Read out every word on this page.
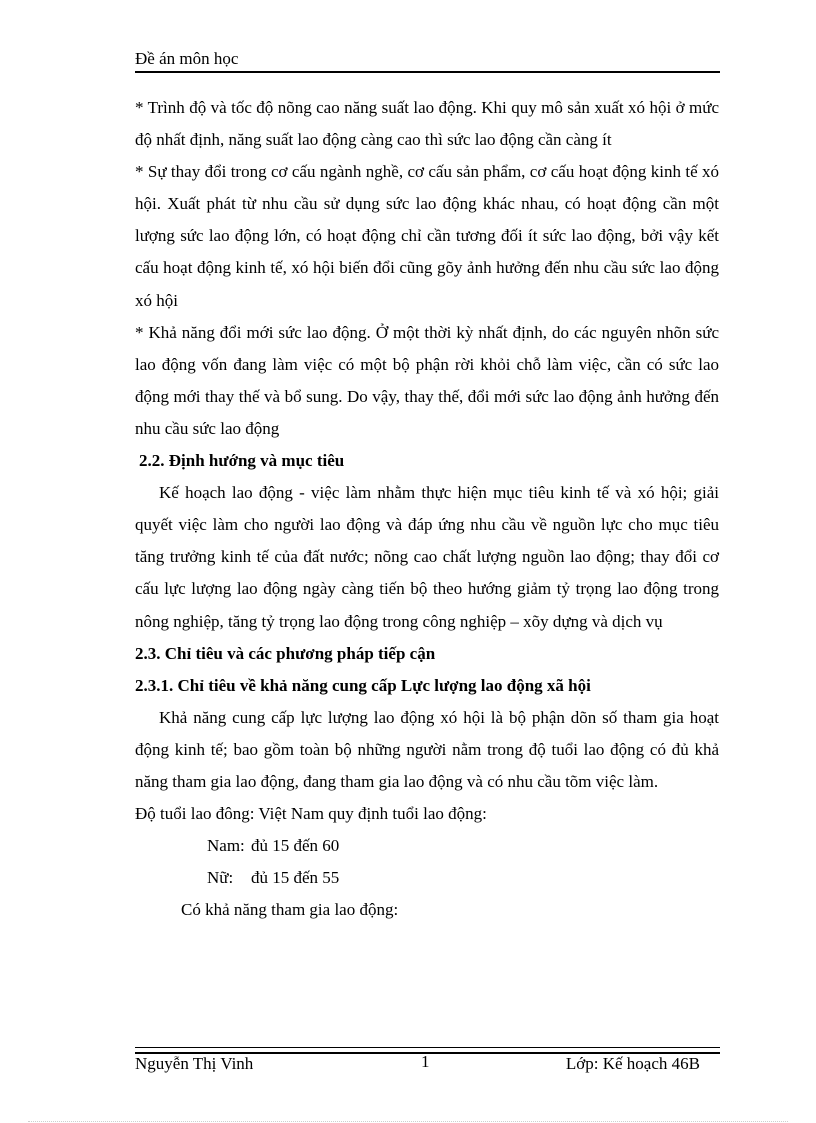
Đề án môn học

* Trình độ và tốc độ nõng cao năng suất lao động. Khi quy mô sản xuất xó hội ở mức độ nhất định, năng suất lao động càng cao thì sức lao động cần càng ít

* Sự thay đổi trong cơ cấu ngành nghề, cơ cấu sản phẩm, cơ cấu hoạt động kinh tế xó hội. Xuất phát từ nhu cầu sử dụng sức lao động khác nhau, có hoạt động cần một lượng sức lao động lớn, có hoạt động chỉ cần tương đối ít sức lao động, bởi vậy kết cấu hoạt động kinh tế, xó hội biến đổi cũng gõy ảnh hưởng đến nhu cầu sức lao động xó hội

* Khả năng đổi mới sức lao động. Ở một thời kỳ nhất định, do các nguyên nhõn sức lao động vốn đang làm việc có một bộ phận rời khỏi chỗ làm việc, cần có sức lao động mới thay thế và bổ sung. Do vậy, thay thế, đổi mới sức lao động ảnh hưởng đến nhu cầu sức lao động

2.2. Định hướng và mục tiêu

Kế hoạch lao động - việc làm nhằm thực hiện mục tiêu kinh tế và xó hội; giải quyết việc làm cho người lao động và đáp ứng nhu cầu về nguồn lực cho mục tiêu tăng trưởng kinh tế của đất nước; nõng cao chất lượng nguồn lao động; thay đổi cơ cấu lực lượng lao động ngày càng tiến bộ theo hướng giảm tỷ trọng lao động trong nông nghiệp, tăng tỷ trọng lao động trong công nghiệp – xõy dựng và dịch vụ

2.3. Chỉ tiêu và các phương pháp tiếp cận
2.3.1. Chỉ tiêu về khả năng cung cấp Lực lượng lao động xã hội

Khả năng cung cấp lực lượng lao động xó hội là bộ phận dõn số tham gia hoạt động kinh tế; bao gồm toàn bộ những người nằm trong độ tuổi lao động có đủ khả năng tham gia lao động, đang tham gia lao động và có nhu cầu tõm việc làm.

Độ tuổi lao đông: Việt Nam quy định tuổi lao động:

Nam: đủ 15 đến 60

Nữ: đủ 15 đến 55

Có khả năng tham gia lao động:

Nguyễn Thị Vinh	1	Lớp: Kế hoạch 46B
